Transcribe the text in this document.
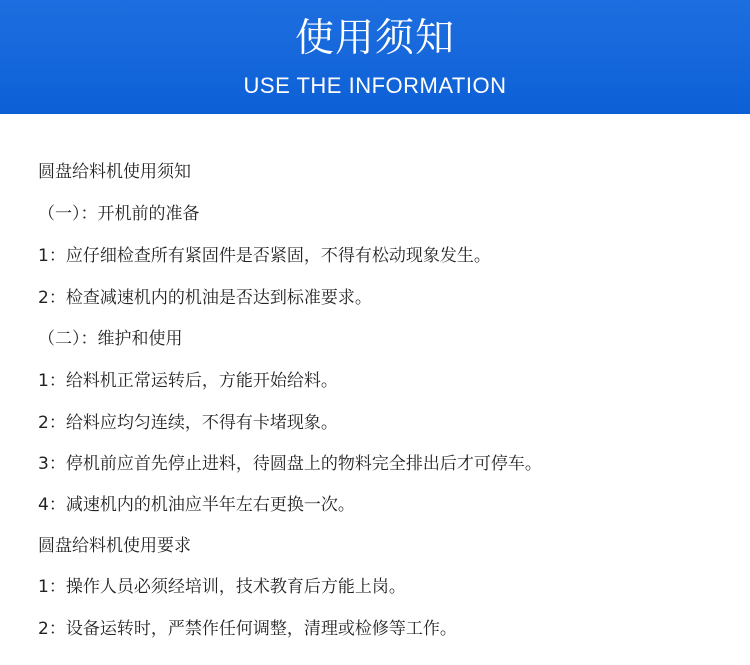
使用须知
USE THE INFORMATION
圆盘给料机使用须知
（一）：开机前的准备
1：应仔细检查所有紧固件是否紧固，不得有松动现象发生。
2：检查减速机内的机油是否达到标准要求。
（二）：维护和使用
1：给料机正常运转后，方能开始给料。
2：给料应均匀连续，不得有卡堵现象。
3：停机前应首先停止进料，待圆盘上的物料完全排出后才可停车。
4：减速机内的机油应半年左右更换一次。
圆盘给料机使用要求
1：操作人员必须经培训，技术教育后方能上岗。
2：设备运转时，严禁作任何调整，清理或检修等工作。
